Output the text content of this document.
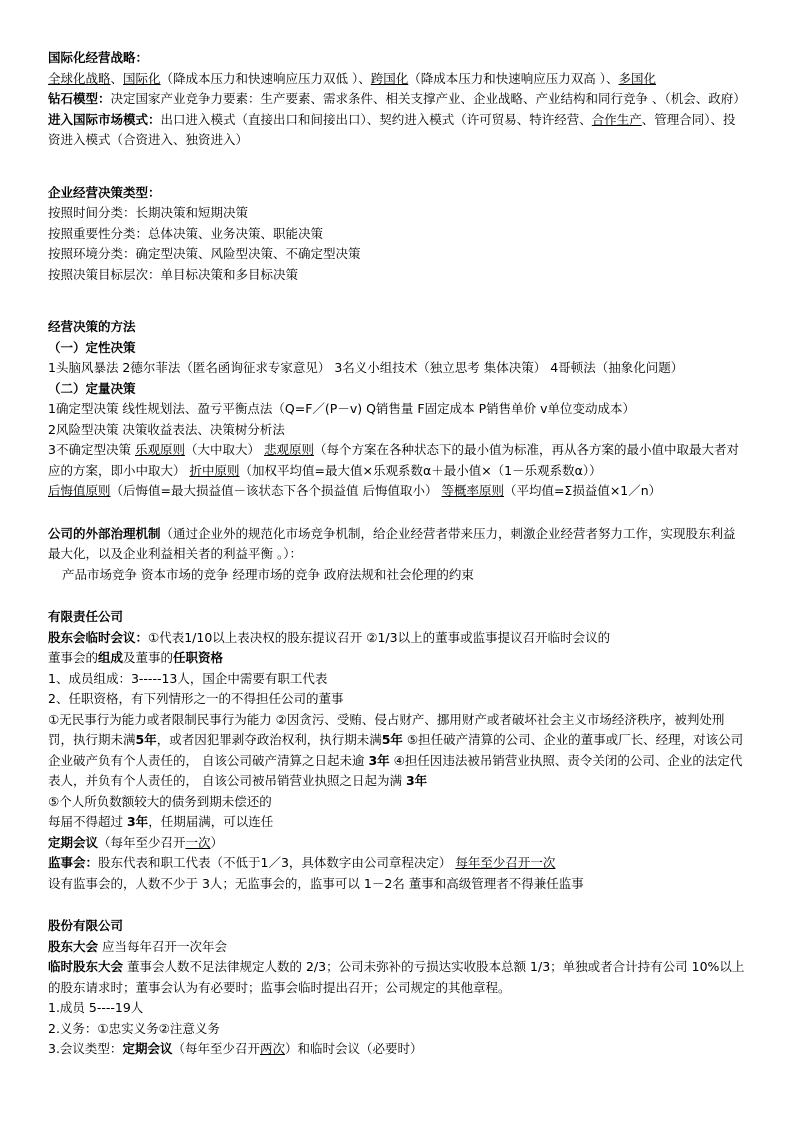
国际化经营战略：
全球化战略、国际化（降成本压力和快速响应压力双低 ）、跨国化（降成本压力和快速响应压力双高 ）、多国化
钻石模型：决定国家产业竞争力要素：生产要素、需求条件、相关支撑产业、企业战略、产业结构和同行竞争 、（机会、政府）
进入国际市场模式：出口进入模式（直接出口和间接出口）、契约进入模式（许可贸易、特许经营、合作生产、管理合同）、投资进入模式（合资进入、独资进入）
企业经营决策类型：
按照时间分类：长期决策和短期决策
按照重要性分类：总体决策、业务决策、职能决策
按照环境分类：确定型决策、风险型决策、不确定型决策
按照决策目标层次：单目标决策和多目标决策
经营决策的方法
（一）定性决策
1头脑风暴法 2德尔菲法（匿名函询征求专家意见） 3名义小组技术（独立思考 集体决策） 4哥顿法（抽象化问题）
（二）定量决策
1确定型决策 线性规划法、盈亏平衡点法（Q=F／(P－v) Q销售量 F固定成本 P销售单价 v单位变动成本）
2风险型决策 决策收益表法、决策树分析法
3不确定型决策 乐观原则（大中取大） 悲观原则（每个方案在各种状态下的最小值为标准，再从各方案的最小值中取最大者对应的方案，即小中取大） 折中原则（加权平均值=最大值×乐观系数α＋最小值×（1－乐观系数α））
后悔值原则（后悔值=最大损益值－该状态下各个损益值 后悔值取小） 等概率原则（平均值=Σ损益值×1／n）
公司的外部治理机制（通过企业外的规范化市场竞争机制，给企业经营者带来压力，刺激企业经营者努力工作，实现股东利益最大化，以及企业利益相关者的利益平衡 。）：
产品市场竞争 资本市场的竞争 经理市场的竞争 政府法规和社会伦理的约束
有限责任公司
股东会临时会议：①代表1/10以上表决权的股东提议召开 ②1/3以上的董事或监事提议召开临时会议的
董事会的组成及董事的任职资格
1、成员组成：3-----13人，国企中需要有职工代表
2、任职资格，有下列情形之一的不得担任公司的董事
①无民事行为能力或者限制民事行为能力 ②因贪污、受贿、侵占财产、挪用财产或者破坏社会主义市场经济秩序，被判处刑罚，执行期未满5年，或者因犯罪剥夺政治权利，执行期未满5年 ⑤担任破产清算的公司、企业的董事或厂长、经理，对该公司企业破产负有个人责任的， 自该公司破产清算之日起未逾 3年 ④担任因违法被吊销营业执照、责令关闭的公司、企业的法定代表人，并负有个人责任的， 自该公司被吊销营业执照之日起为满 3年
⑤个人所负数额较大的债务到期未偿还的
每届不得超过 3年，任期届满，可以连任
定期会议（每年至少召开一次）
监事会：股东代表和职工代表（不低于1／3，具体数字由公司章程决定） 每年至少召开一次
设有监事会的，人数不少于 3人；无监事会的，监事可以 1－2名 董事和高级管理者不得兼任监事
股份有限公司
股东大会 应当每年召开一次年会
临时股东大会 董事会人数不足法律规定人数的 2/3；公司未弥补的亏损达实收股本总额 1/3；单独或者合计持有公司 10%以上的股东请求时；董事会认为有必要时；监事会临时提出召开；公司规定的其他章程。
1.成员 5----19人
2.义务：①忠实义务②注意义务
3.会议类型：定期会议（每年至少召开两次）和临时会议（必要时）
